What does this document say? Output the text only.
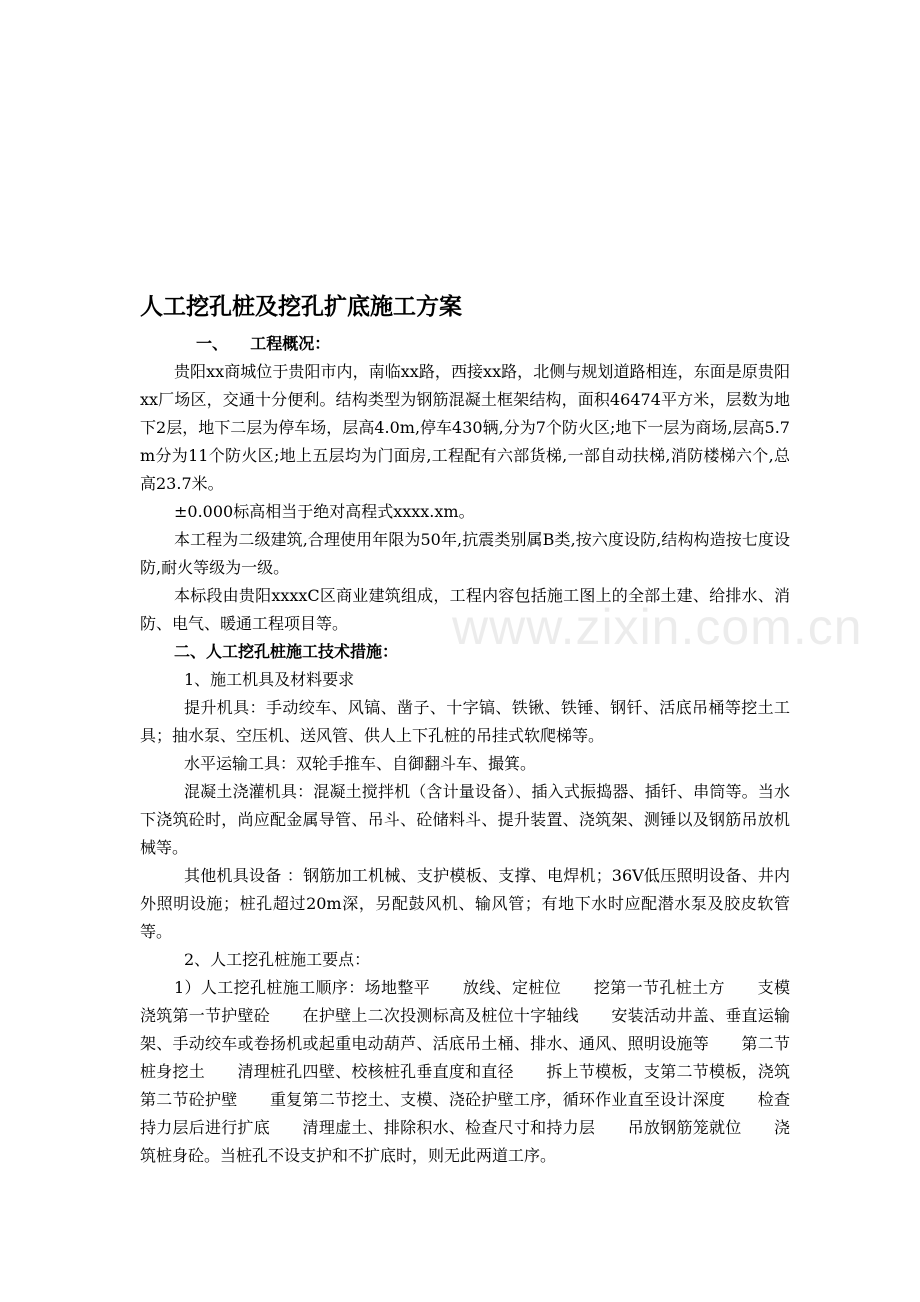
人工挖孔桩及挖孔扩底施工方案

一、    工程概况：

贵阳xx商城位于贵阳市内，南临xx路，西接xx路，北侧与规划道路相连，东面是原贵阳xx厂场区，交通十分便利。结构类型为钢筋混凝土框架结构，面积46474平方米，层数为地下2层，地下二层为停车场，层高4.0m,停车430辆,分为7个防火区;地下一层为商场,层高5.7m分为11个防火区;地上五层均为门面房,工程配有六部货梯,一部自动扶梯,消防楼梯六个,总高23.7米。

±0.000标高相当于绝对高程式xxxx.xm。

本工程为二级建筑,合理使用年限为50年,抗震类别属B类,按六度设防,结构构造按七度设防,耐火等级为一级。

本标段由贵阳xxxxC区商业建筑组成，工程内容包括施工图上的全部土建、给排水、消防、电气、暖通工程项目等。

二、人工挖孔桩施工技术措施：

1、施工机具及材料要求

提升机具：手动绞车、风镐、凿子、十字镐、铁锹、铁锤、钢钎、活底吊桶等挖土工具；抽水泵、空压机、送风管、供人上下孔桩的吊挂式软爬梯等。

水平运输工具：双轮手推车、自御翻斗车、撮箕。

混凝土浇灌机具：混凝土搅拌机（含计量设备）、插入式振捣器、插钎、串筒等。当水下浇筑砼时，尚应配金属导管、吊斗、砼储料斗、提升装置、浇筑架、测锤以及钢筋吊放机械等。

其他机具设备 ：钢筋加工机械、支护模板、支撑、电焊机；36V低压照明设备、井内外照明设施；桩孔超过20m深，另配鼓风机、输风管；有地下水时应配潜水泵及胶皮软管等。

2、人工挖孔桩施工要点：

1）人工挖孔桩施工顺序：场地整平　　放线、定桩位　　挖第一节孔桩土方　　支模浇筑第一节护壁砼　　在护壁上二次投测标高及桩位十字轴线　　安装活动井盖、垂直运输架、手动绞车或卷扬机或起重电动葫芦、活底吊土桶、排水、通风、照明设施等　　第二节桩身挖土　　清理桩孔四壁、校核桩孔垂直度和直径　　拆上节模板，支第二节模板，浇筑第二节砼护壁　　重复第二节挖土、支模、浇砼护壁工序，循环作业直至设计深度　　检查持力层后进行扩底　　清理虚土、排除积水、检查尺寸和持力层　　吊放钢筋笼就位　　浇筑桩身砼。当桩孔不设支护和不扩底时，则无此两道工序。

www.zixin.com.cn
